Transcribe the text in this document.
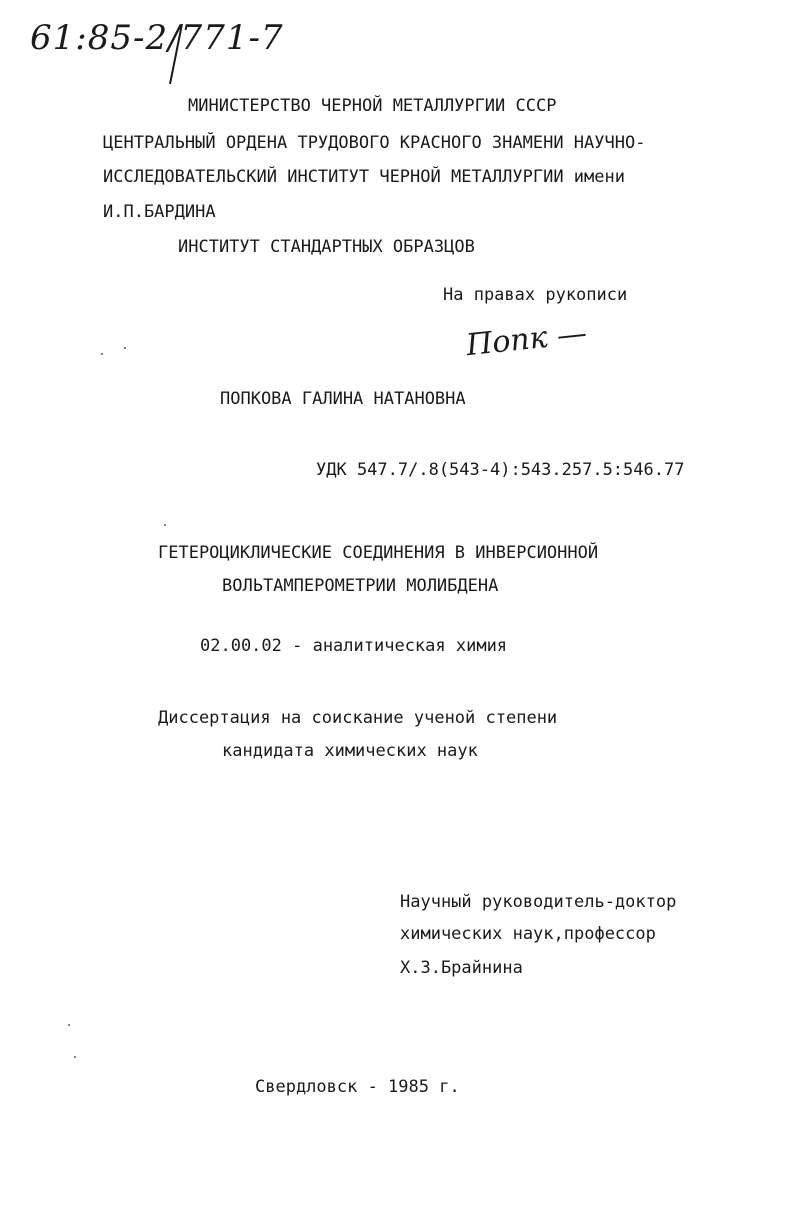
61:85-2/771-7
МИНИСТЕРСТВО ЧЕРНОЙ МЕТАЛЛУРГИИ СССР
ЦЕНТРАЛЬНЫЙ ОРДЕНА ТРУДОВОГО КРАСНОГО ЗНАМЕНИ НАУЧНО-
ИССЛЕДОВАТЕЛЬСКИЙ ИНСТИТУТ ЧЕРНОЙ МЕТАЛЛУРГИИ имени
И.П.БАРДИНА
ИНСТИТУТ СТАНДАРТНЫХ ОБРАЗЦОВ
На правах рукописи
Попк —
ПОПКОВА ГАЛИНА НАТАНОВНА
УДК 547.7/.8(543-4):543.257.5:546.77
ГЕТЕРОЦИКЛИЧЕСКИЕ СОЕДИНЕНИЯ В ИНВЕРСИОННОЙ
ВОЛЬТАМПЕРОМЕТРИИ МОЛИБДЕНА
02.00.02 - аналитическая химия
Диссертация на соискание ученой степени
кандидата химических наук
Научный руководитель-доктор
химических наук,профессор
Х.З.Брайнина
Свердловск - 1985 г.
